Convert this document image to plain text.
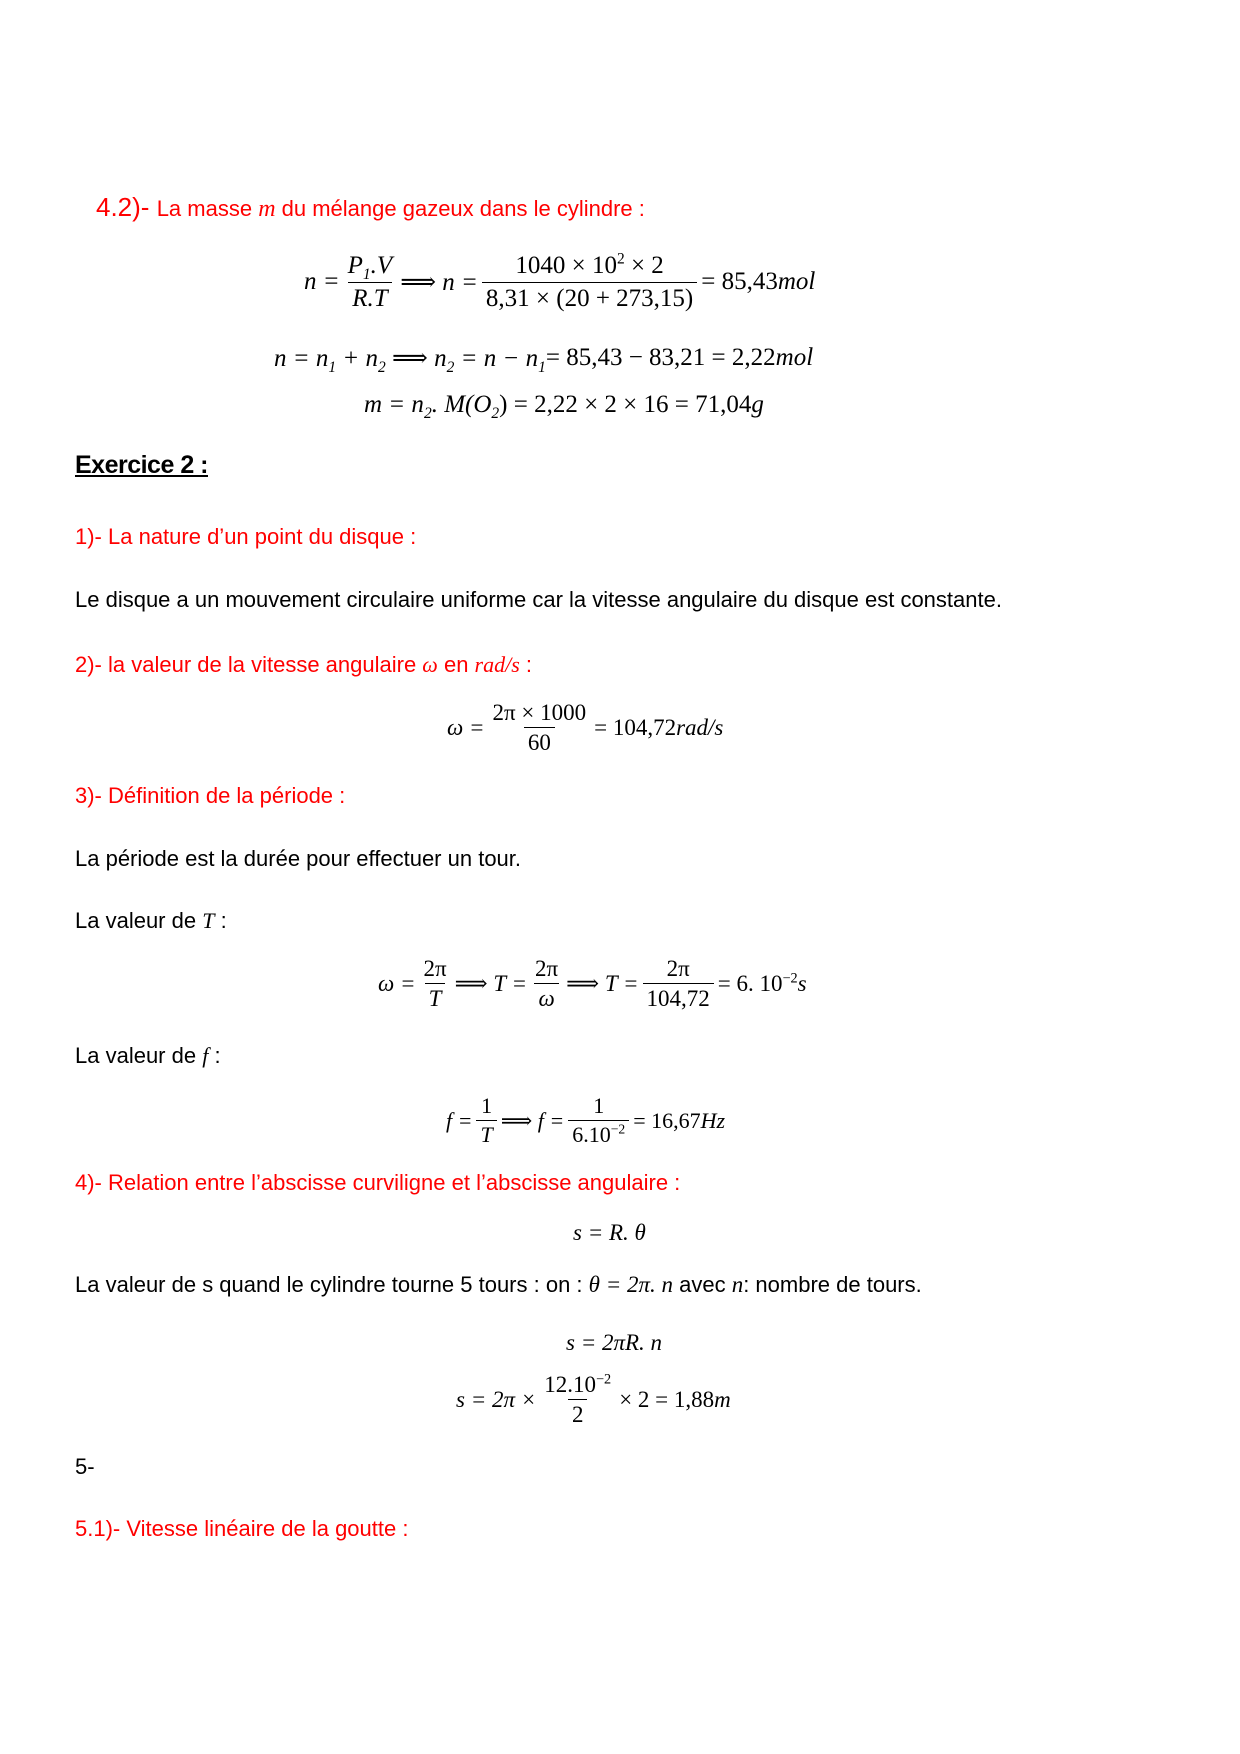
4.2)- La masse m du mélange gazeux dans le cylindre :
$n = \frac{P_1.V}{R.T}$ ⟹ $n = \frac{1040 \times 10^2 \times 2}{8,31 \times (20 + 273,15)} = 85,43$ mol
$n = n_1 + n_2$ ⟹ $n_2 = n - n_1 = 85,43 - 83,21 = 2,22$ mol
$m = n_2$. $M(O_2$ ) = 2,22 × 2 × 16 = 71,04 g
Exercice 2 :
1)- La nature d’un point du disque :
Le disque a un mouvement circulaire uniforme car la vitesse angulaire du disque est constante.
2)- la valeur de la vitesse angulaire ω en rad/s :
$\omega = \frac{2\pi \times 1000}{60} = 104,72$ rad/s
3)- Définition de la période :
La période est la durée pour effectuer un tour.
La valeur de T :
$\omega = \frac{2\pi}{T}$ ⟹ $T = \frac{2\pi}{\omega}$ ⟹ $T = \frac{2\pi}{104,72} = 6$. $10^{-2}$ s
La valeur de f :
$f = \frac{1}{T}$ ⟹ $f = \frac{1}{6.10^{-2}} = 16,67$ Hz
4)- Relation entre l’abscisse curviligne et l’abscisse angulaire :
s = R. θ
La valeur de s quand le cylindre tourne 5 tours : on : θ = 2π. n avec n: nombre de tours.
s = 2πR. n
$s = 2\pi \times \frac{12.10^{-2}}{2} \times 2 = 1,88$ m
5-
5.1)- Vitesse linéaire de la goutte :
